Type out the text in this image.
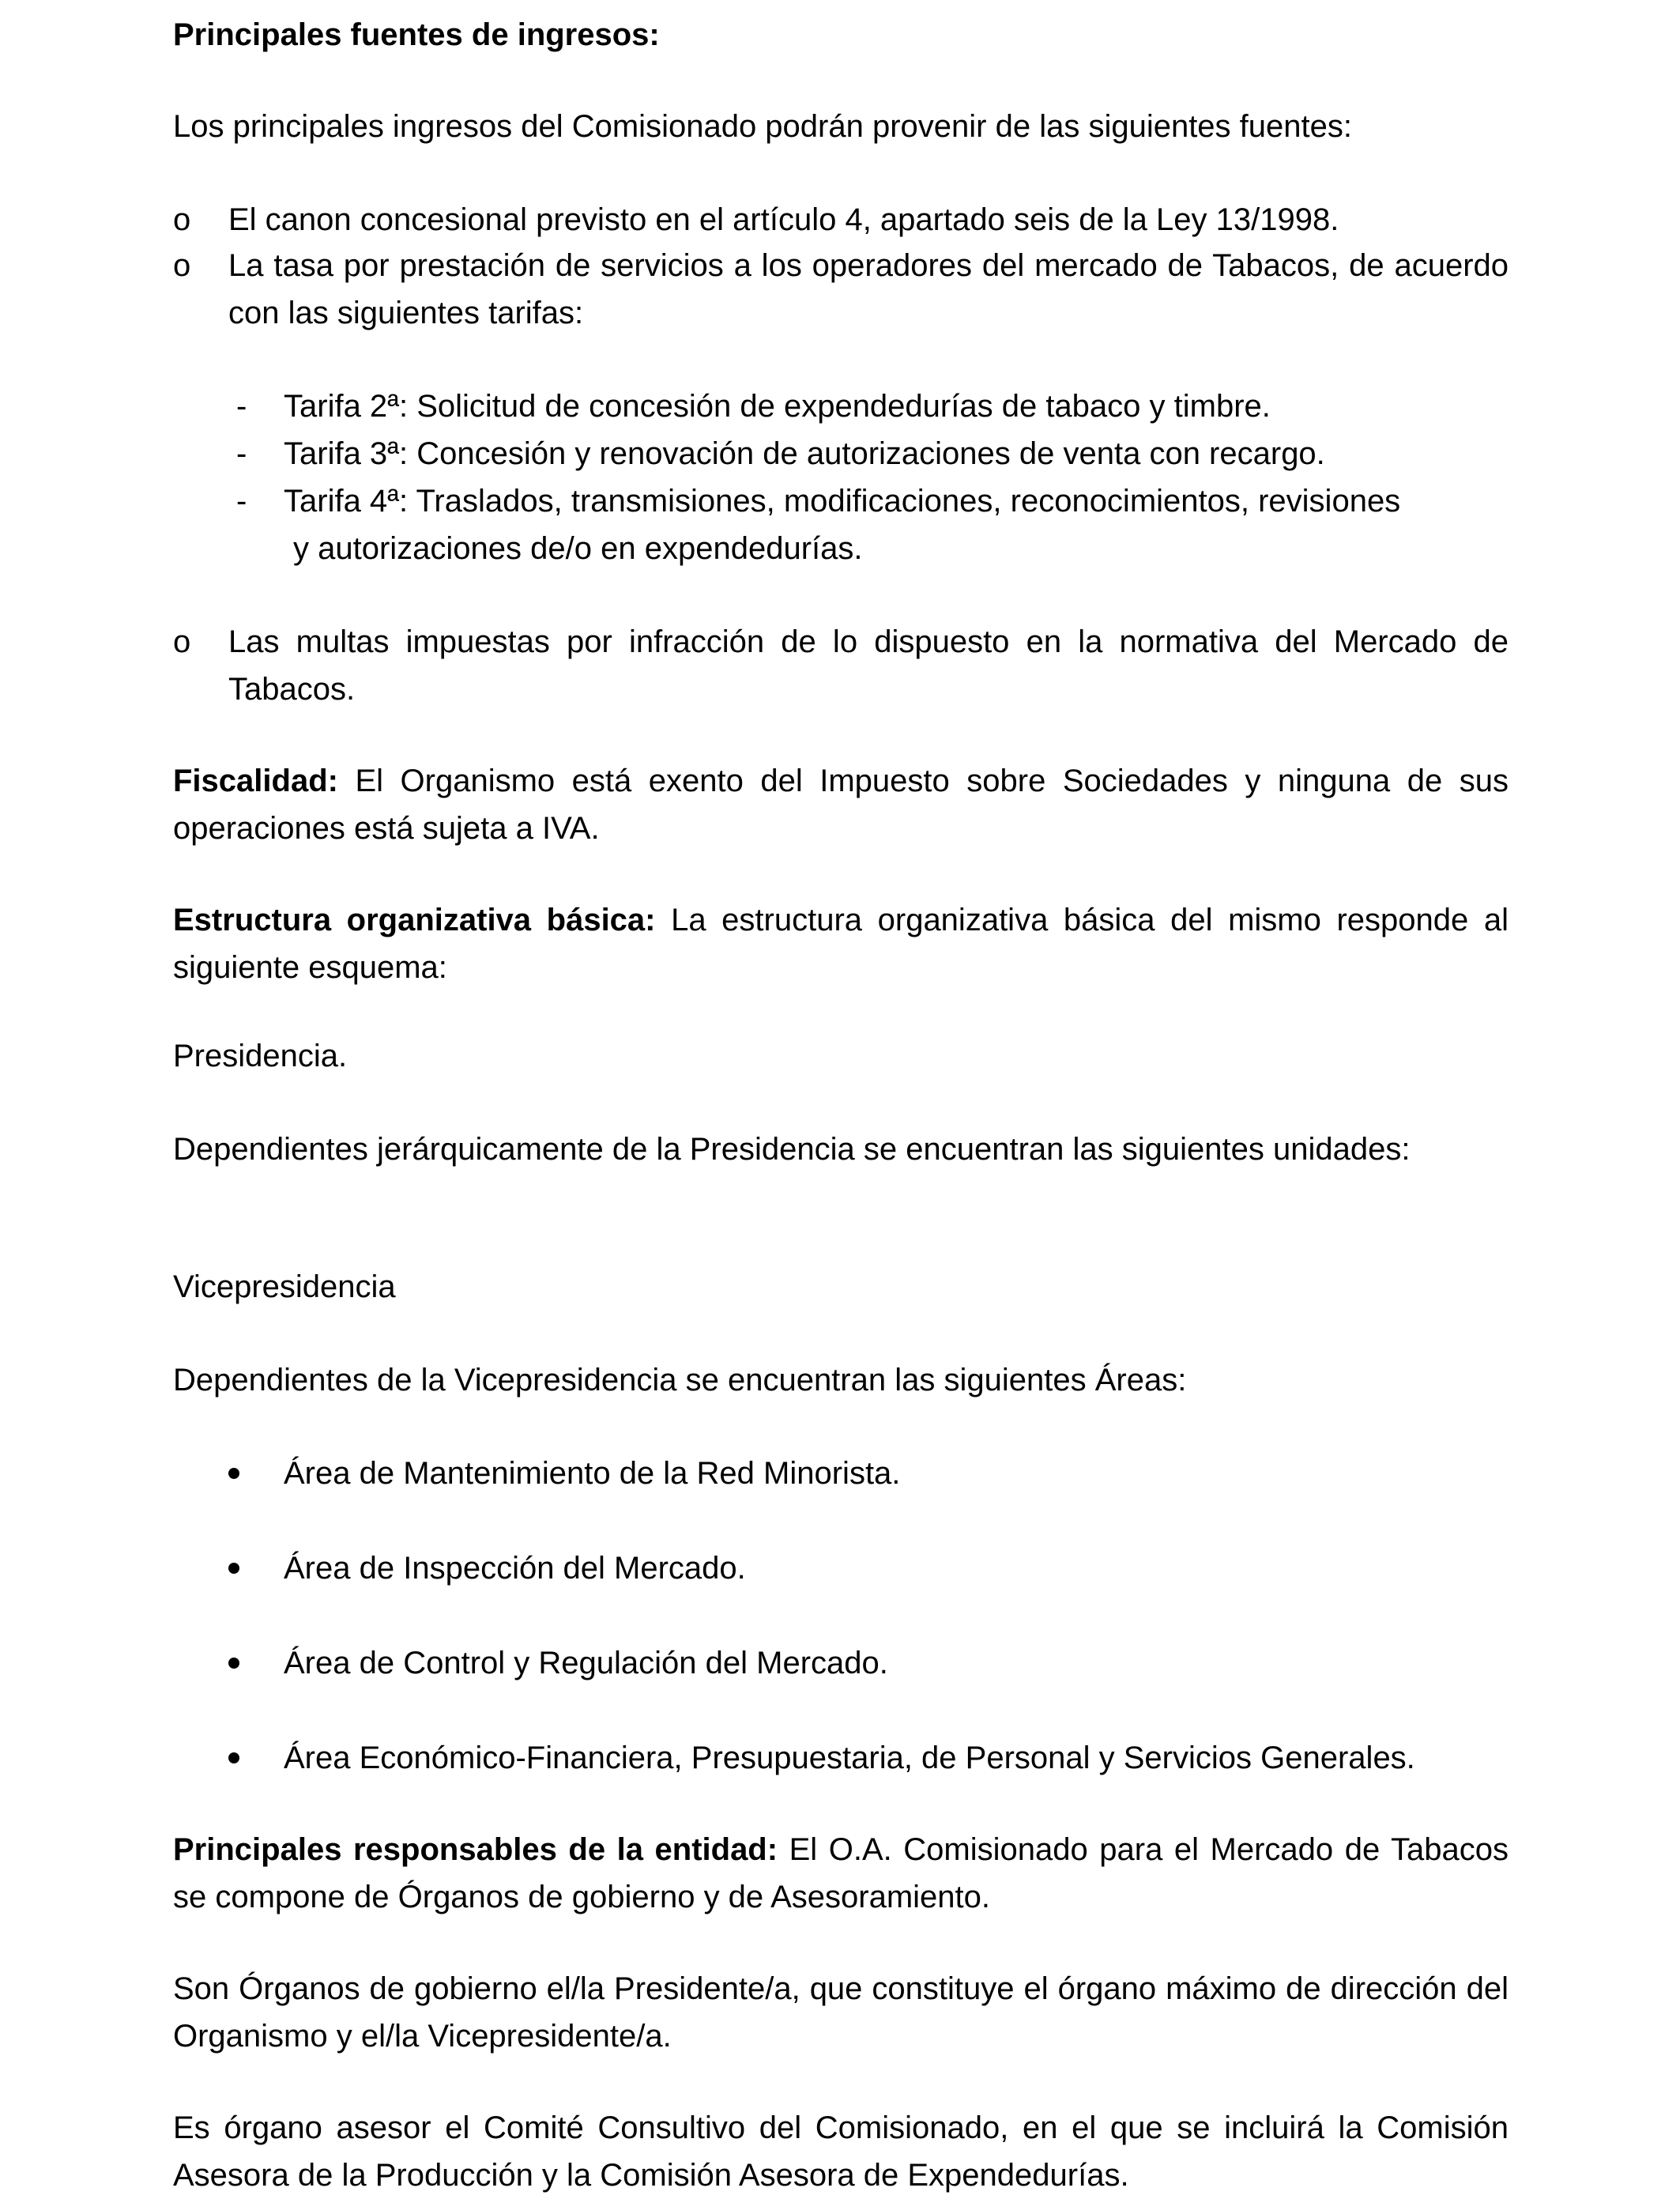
Principales fuentes de ingresos:

Los principales ingresos del Comisionado podrán provenir de las siguientes fuentes:

o	El canon concesional previsto en el artículo 4, apartado seis de la Ley 13/1998.
o	La tasa por prestación de servicios a los operadores del mercado de Tabacos, de acuerdo con las siguientes tarifas:
- Tarifa 2ª: Solicitud de concesión de expendedurías de tabaco y timbre.
- Tarifa 3ª: Concesión y renovación de autorizaciones de venta con recargo.
- Tarifa 4ª: Traslados, transmisiones, modificaciones, reconocimientos, revisiones
y autorizaciones de/o en expendedurías.
o	Las multas impuestas por infracción de lo dispuesto en la normativa del Mercado de Tabacos.

Fiscalidad: El Organismo está exento del Impuesto sobre Sociedades y ninguna de sus operaciones está sujeta a IVA.

Estructura organizativa básica: La estructura organizativa básica del mismo responde al siguiente esquema:

Presidencia.

Dependientes jerárquicamente de la Presidencia se encuentran las siguientes unidades:

Vicepresidencia

Dependientes de la Vicepresidencia se encuentran las siguientes Áreas:

Área de Mantenimiento de la Red Minorista.
Área de Inspección del Mercado.
Área de Control y Regulación del Mercado.
Área Económico-Financiera, Presupuestaria, de Personal y Servicios Generales.

Principales responsables de la entidad: El O.A. Comisionado para el Mercado de Tabacos se compone de Órganos de gobierno y de Asesoramiento.

Son Órganos de gobierno el/la Presidente/a, que constituye el órgano máximo de dirección del Organismo y el/la Vicepresidente/a.

Es órgano asesor el Comité Consultivo del Comisionado, en el que se incluirá la Comisión Asesora de la Producción y la Comisión Asesora de Expendedurías.
